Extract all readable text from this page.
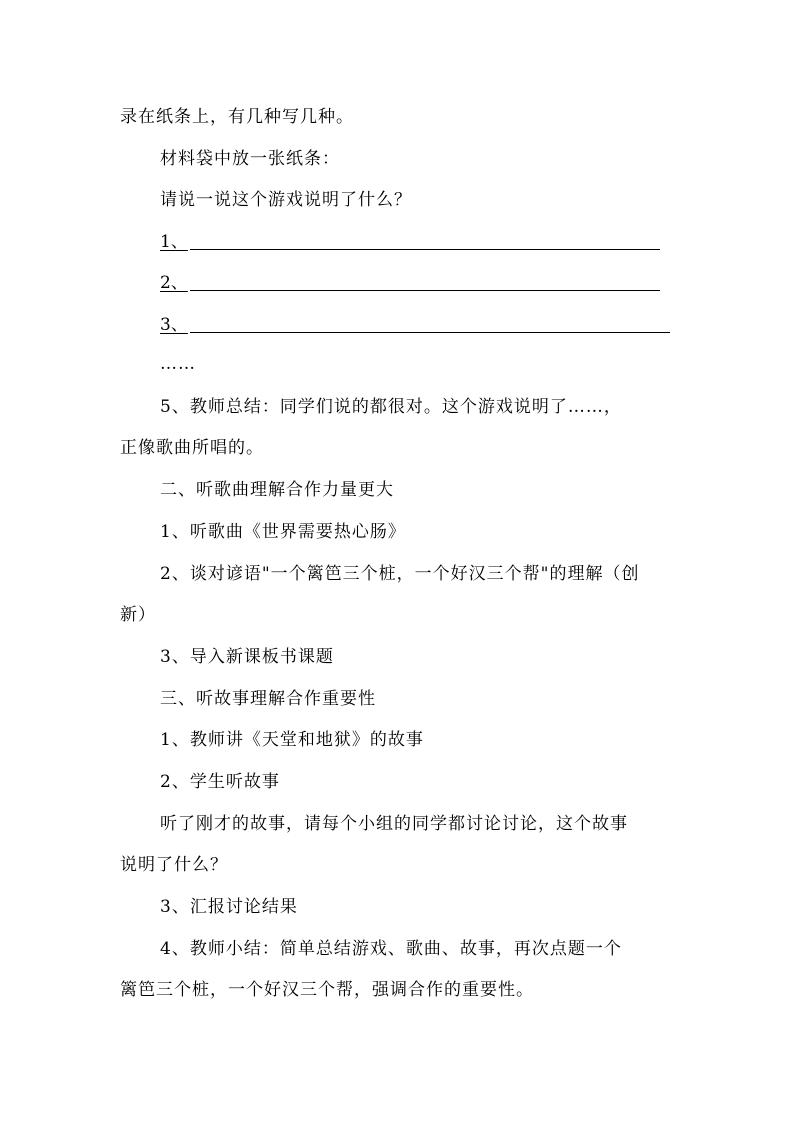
录在纸条上，有几种写几种。
材料袋中放一张纸条：
请说一说这个游戏说明了什么？
1、
2、
3、
……
5、教师总结：同学们说的都很对。这个游戏说明了……，
正像歌曲所唱的。
二、听歌曲理解合作力量更大
1、听歌曲《世界需要热心肠》
2、谈对谚语"一个篱笆三个桩，一个好汉三个帮"的理解（创
新）
3、导入新课板书课题
三、听故事理解合作重要性
1、教师讲《天堂和地狱》的故事
2、学生听故事
听了刚才的故事，请每个小组的同学都讨论讨论，这个故事
说明了什么？
3、汇报讨论结果
4、教师小结：简单总结游戏、歌曲、故事，再次点题一个
篱笆三个桩，一个好汉三个帮，强调合作的重要性。
